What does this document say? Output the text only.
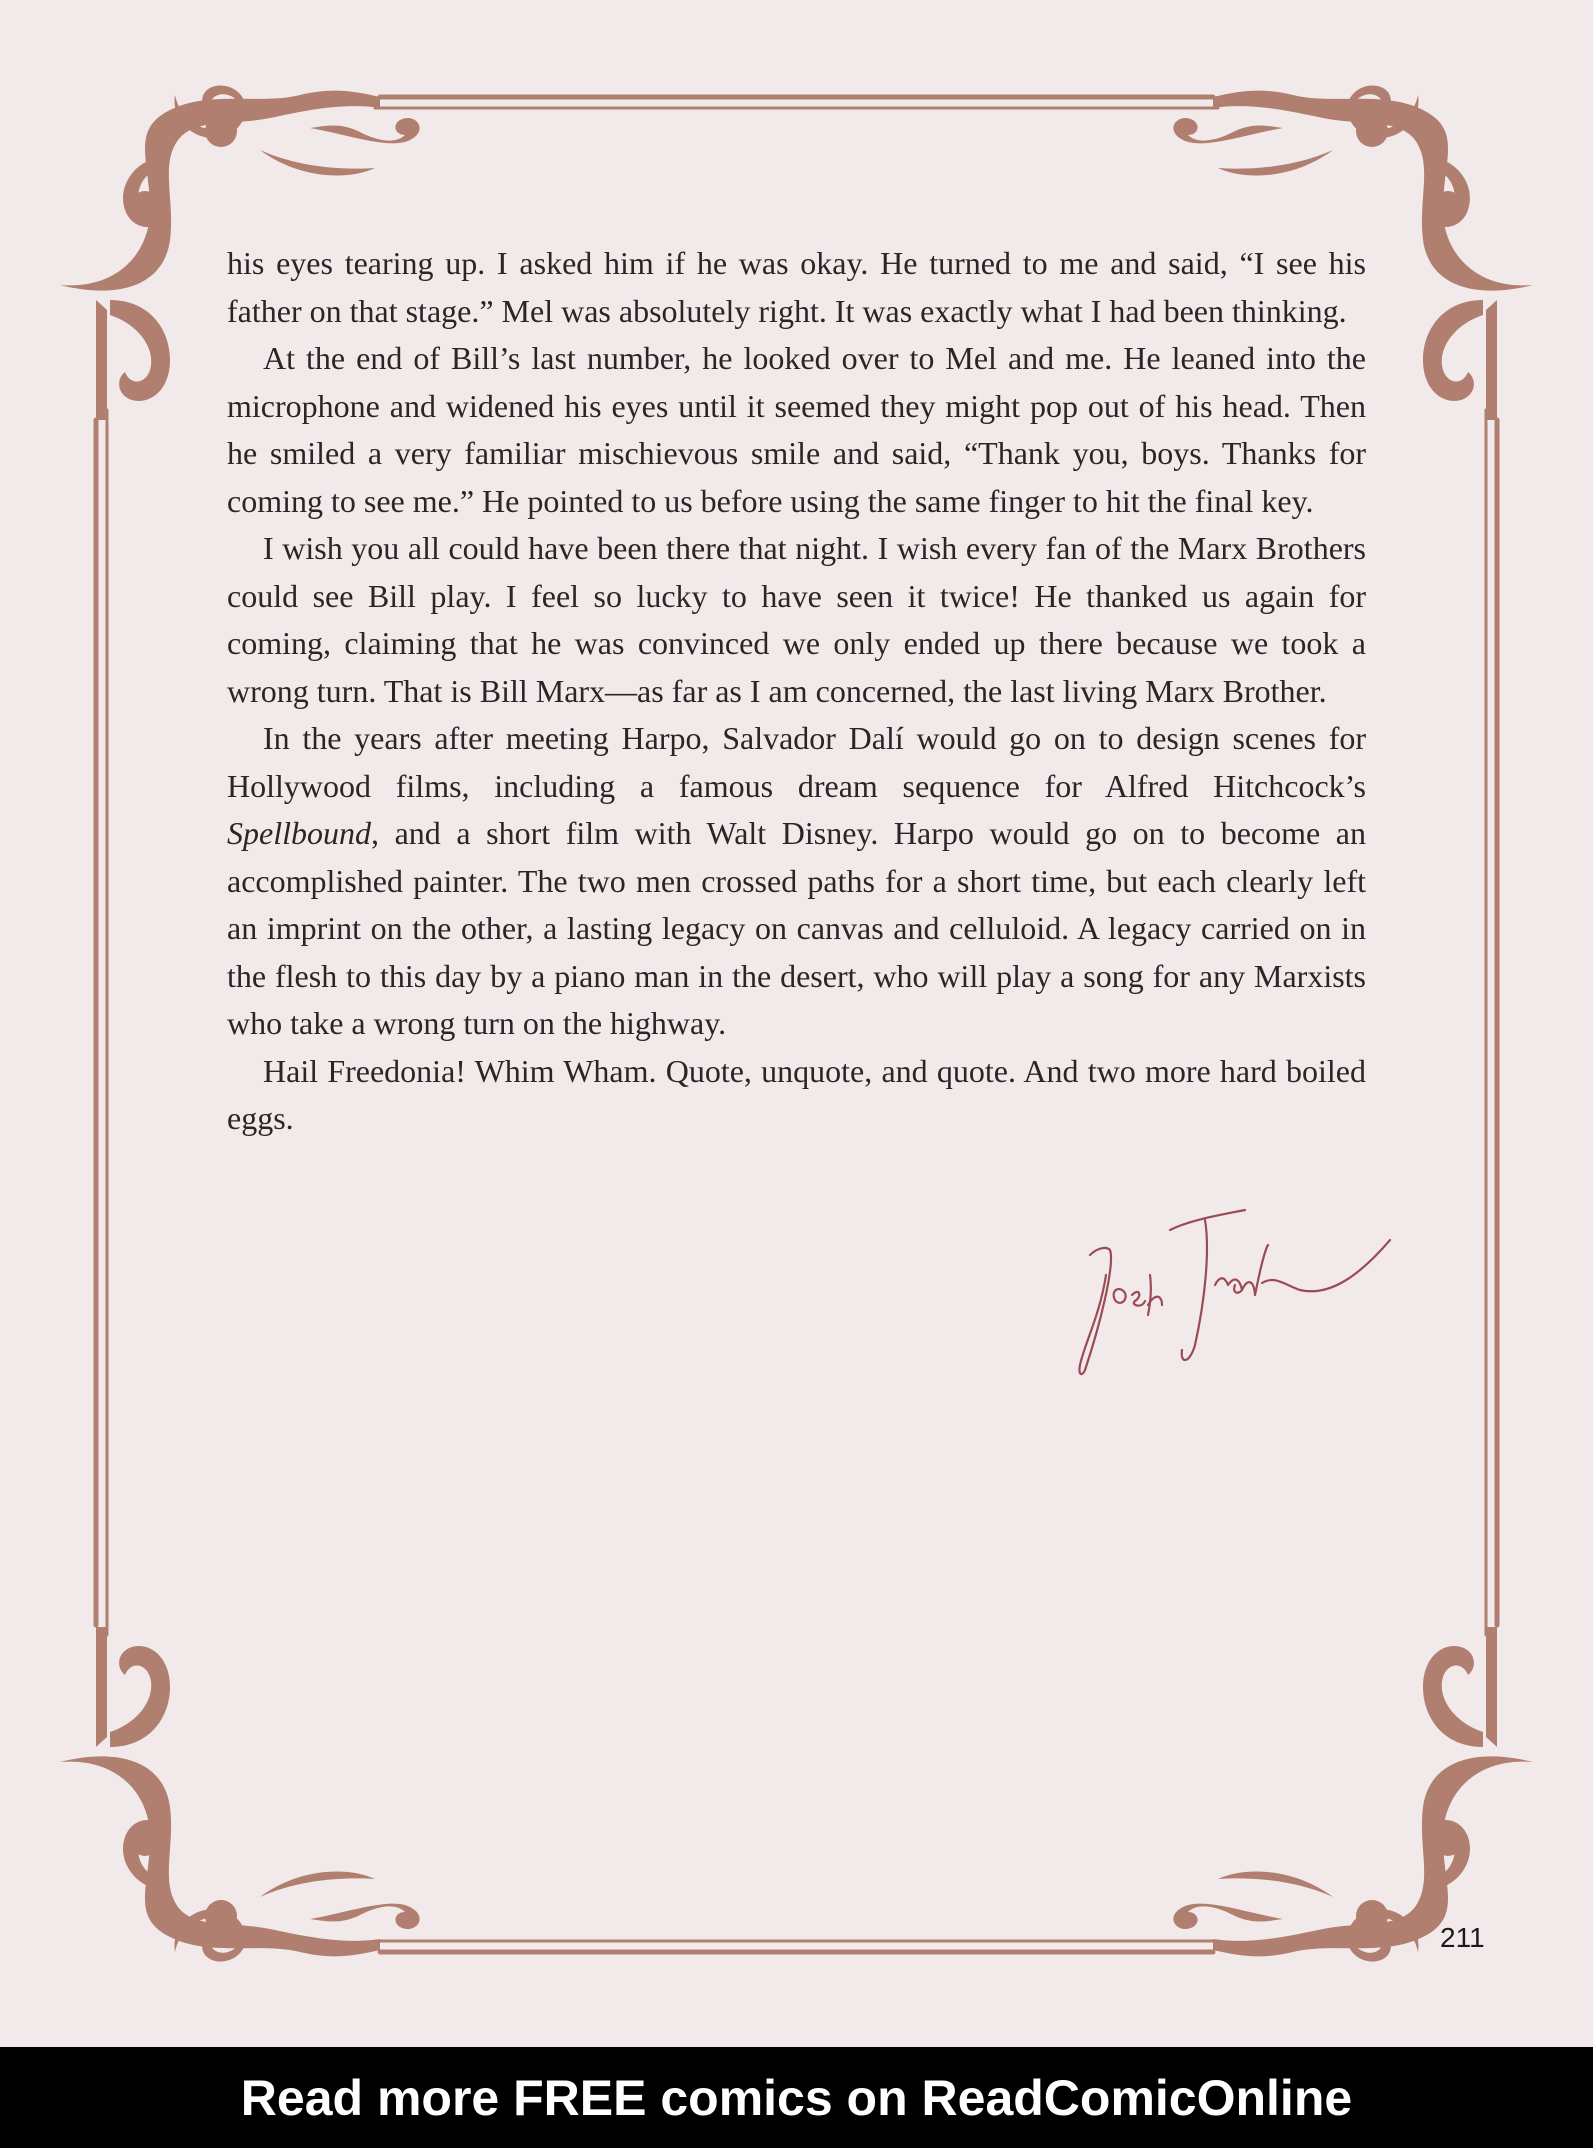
his eyes tearing up. I asked him if he was okay. He turned to me and said, “I see his father on that stage.” Mel was absolutely right. It was exactly what I had been thinking.

At the end of Bill’s last number, he looked over to Mel and me. He leaned into the microphone and widened his eyes until it seemed they might pop out of his head. Then he smiled a very familiar mischievous smile and said, “Thank you, boys. Thanks for coming to see me.” He pointed to us before using the same finger to hit the final key.

I wish you all could have been there that night. I wish every fan of the Marx Brothers could see Bill play. I feel so lucky to have seen it twice! He thanked us again for coming, claiming that he was convinced we only ended up there because we took a wrong turn. That is Bill Marx—as far as I am concerned, the last living Marx Brother.

In the years after meeting Harpo, Salvador Dalí would go on to design scenes for Hollywood films, including a famous dream sequence for Alfred Hitchcock’s Spellbound, and a short film with Walt Disney. Harpo would go on to become an accomplished painter. The two men crossed paths for a short time, but each clearly left an imprint on the other, a lasting legacy on canvas and celluloid. A legacy carried on in the flesh to this day by a piano man in the desert, who will play a song for any Marxists who take a wrong turn on the highway.

Hail Freedonia! Whim Wham. Quote, unquote, and quote. And two more hard boiled eggs.

211
Read more FREE comics on ReadComicOnline
